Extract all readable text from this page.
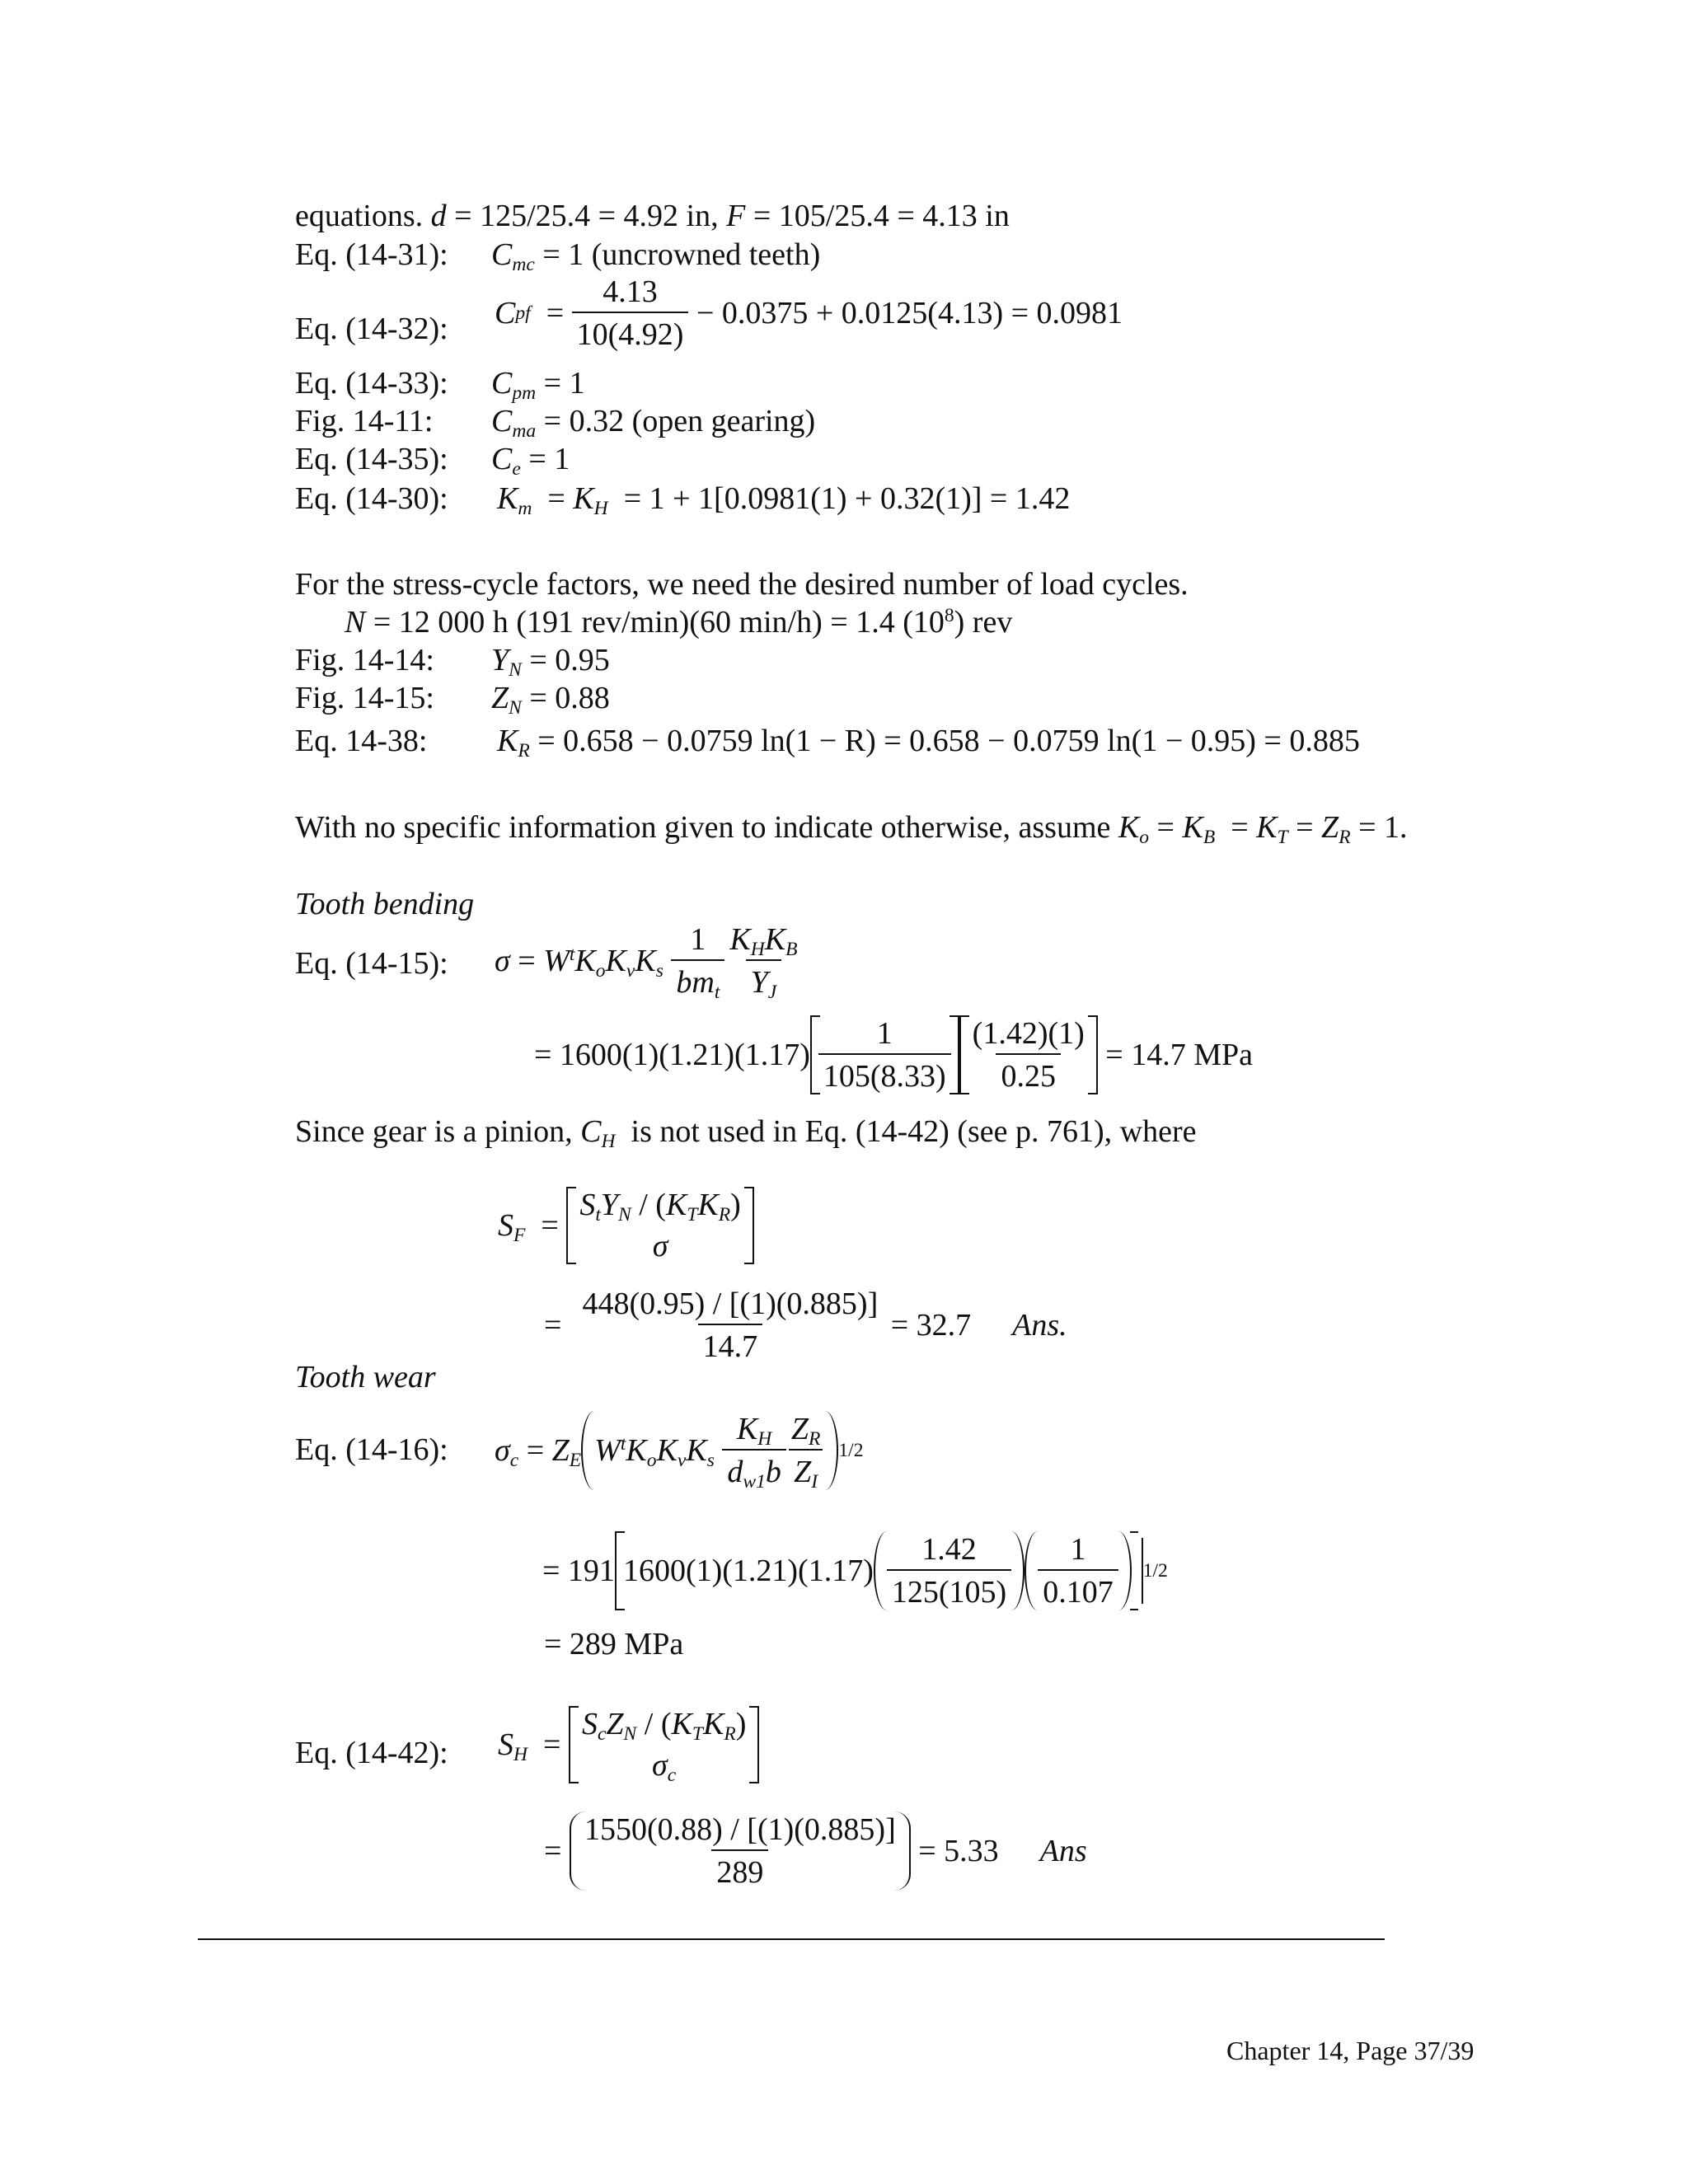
equations. d = 125/25.4 = 4.92 in, F = 105/25.4 = 4.13 in
Eq. (14-31): $C_{mc} = 1$ (uncrowned teeth)
Eq. (14-32): C pf = $\frac{4.13}{10(4.92)}$
− 0.0375 + 0.0125(4.13) = 0.0981
Eq. (14-33): $C_{pm} = 1$
Fig. 14-11: $C_{ma} = 0.32$ (open gearing)
Eq. (14-35): $C_e = 1$
Eq. (14-30): $K_m = K_H = 1 + 1[0.0981(1) + 0.32(1)] = 1.42$
For the stress-cycle factors, we need the desired number of load cycles.
N = 12 000 h (191 rev/min)(60 min/h) = 1.4 $(10^8)$ rev
Fig. 14-14: $Y_N = 0.95$
Fig. 14-15: $Z_N = 0.88$
Eq. 14-38: $K_R = 0.658 - 0.0759$ ln(1 − R) = 0.658 − 0.0759 ln(1 − 0.95) = 0.885
With no specific information given to indicate otherwise, assume $K_o = K_B = K_T = Z_R = 1$.
Tooth bending
Eq. (14-15): $\sigma = W^tK_oK_vK_s$
$\frac{1}{bm_t} \frac{K_HK_B}{Y_J}$
= $1600(1)(1.21)(1.17) \frac{1}{105(8.33)} \frac{(1.42)(1)}{0.25}$
= 14.7 MPa
Since gear is a pinion, $C_H$ is not used in Eq. (14-42) (see p. 761), where
$S_F$ =
$S_tY_N / (K_TK_R)$
σ
= $\frac{448(0.95) / [(1)(0.885)]}{14.7}$
= 32.7 Ans.
Tooth wear
Eq. (14-16): $\sigma_c = Z_E$ $W^tK_oK_vK_s$
$\frac{K_H}{d_{w1}b} \frac{Z_R}{Z_I} 1/2$
= 191 $1600(1)(1.21)(1.17) \frac{1.42}{125(105)} \frac{1}{0.107} 1/2$
= 289 MPa
Eq. (14-42): $S_H$ =
$S_cZ_N / (K_TK_R)$
$\sigma_c$
= $\frac{1550(0.88) / [(1)(0.885)]}{289}$
= 5.33 Ans
Chapter 14, Page 37/39
